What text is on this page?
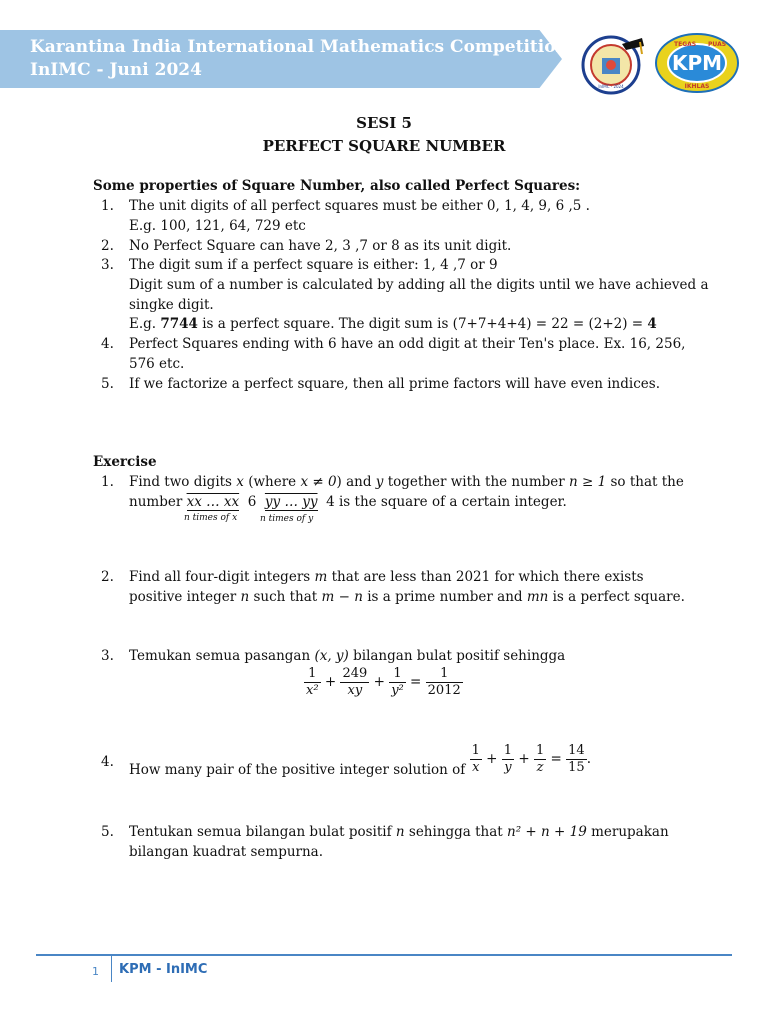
Karantina India International Mathematics Competition
InIMC - Juni 2024
InIMC - 2024
KPM
TEGAS PUAS
IKHLAS
SESI 5
PERFECT SQUARE NUMBER
Some properties of Square Number, also called Perfect Squares:
1. The unit digits of all perfect squares must be either 0, 1, 4, 9, 6 ,5 .
E.g. 100, 121, 64, 729 etc
2. No Perfect Square can have 2, 3 ,7 or 8 as its unit digit.
3. The digit sum if a perfect square is either: 1, 4 ,7 or 9
Digit sum of a number is calculated by adding all the digits until we have achieved a
singke digit.
E.g. 7744 is a perfect square. The digit sum is (7+7+4+4) = 22 = (2+2) = 4
4. Perfect Squares ending with 6 have an odd digit at their Ten's place. Ex. 16, 256,
576 etc.
5. If we factorize a perfect square, then all prime factors will have even indices.
Exercise
1. Find two digits x (where x ≠ 0) and y together with the number n ≥ 1 so that the
number xx … xx 6 yy … yy 4 is the square of a certain integer.
n times of x	n times of y
2. Find all four-digit integers m that are less than 2021 for which there exists
positive integer n such that m − n is a prime number and mn is a perfect square.
3. Temukan semua pasangan (x, y) bilangan bulat positif sehingga
$\frac{1}{\text{x²}} + \frac{249}{xy} + \frac{1}{\text{y²}} = \frac{1}{2012}$
4. How many pair of the positive integer solution of $\frac{1}{x} + \frac{1}{y} + \frac{1}{z} = \frac{14}{15}$ .
5. Tentukan semua bilangan bulat positif n sehingga that n² + n + 19 merupakan
bilangan kuadrat sempurna.
1 KPM - InIMC
